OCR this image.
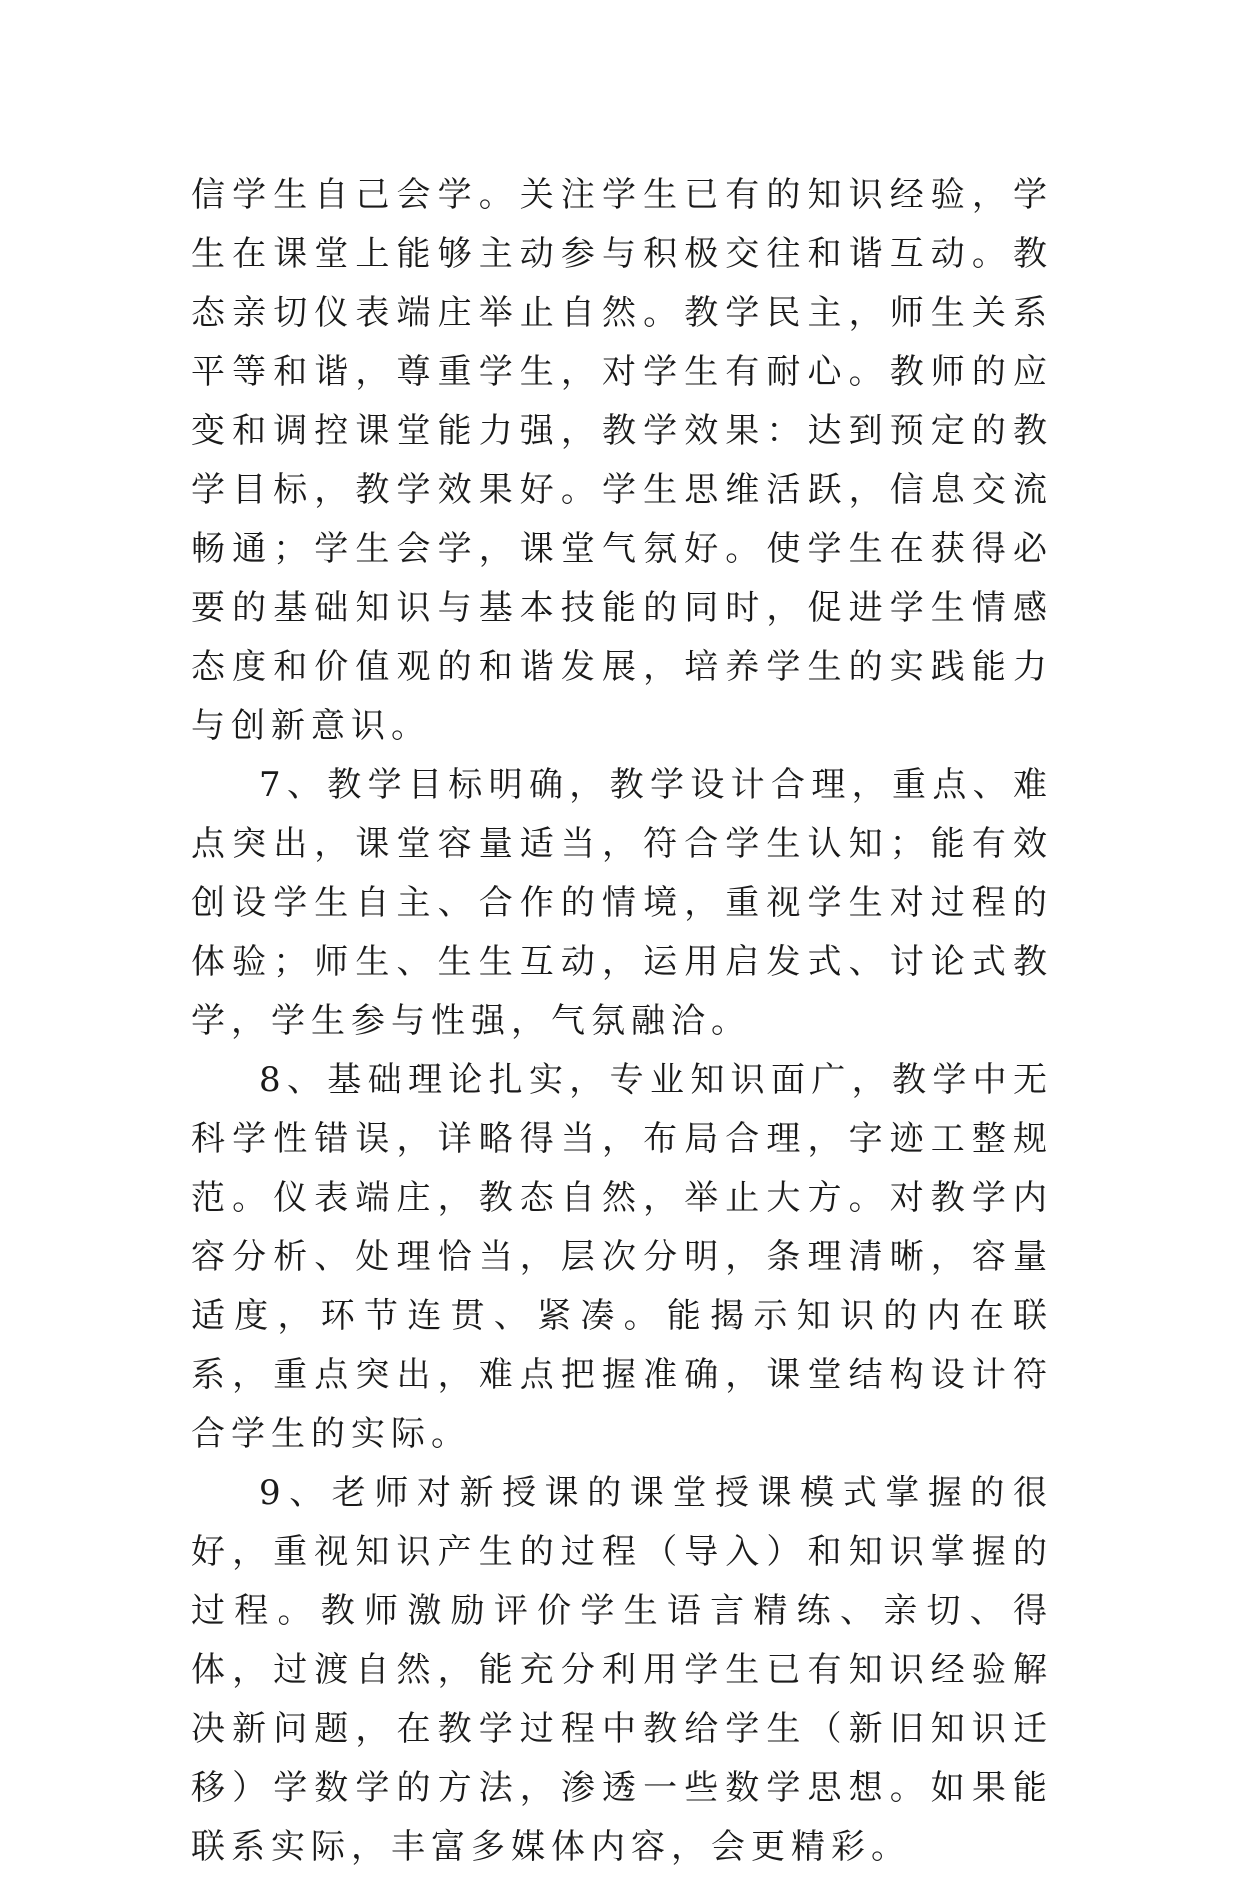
信学生自己会学。关注学生已有的知识经验，学生在课堂上能够主动参与积极交往和谐互动。教态亲切仪表端庄举止自然。教学民主，师生关系平等和谐，尊重学生，对学生有耐心。教师的应变和调控课堂能力强，教学效果：达到预定的教学目标，教学效果好。学生思维活跃，信息交流畅通；学生会学，课堂气氛好。使学生在获得必要的基础知识与基本技能的同时，促进学生情感态度和价值观的和谐发展，培养学生的实践能力与创新意识。

7、教学目标明确，教学设计合理，重点、难点突出，课堂容量适当，符合学生认知；能有效创设学生自主、合作的情境，重视学生对过程的体验；师生、生生互动，运用启发式、讨论式教学，学生参与性强，气氛融洽。

8、基础理论扎实，专业知识面广，教学中无科学性错误，详略得当，布局合理，字迹工整规范。仪表端庄，教态自然，举止大方。对教学内容分析、处理恰当，层次分明，条理清晰，容量适度，环节连贯、紧凑。能揭示知识的内在联系，重点突出，难点把握准确，课堂结构设计符合学生的实际。

9、老师对新授课的课堂授课模式掌握的很好，重视知识产生的过程（导入）和知识掌握的过程。教师激励评价学生语言精练、亲切、得体，过渡自然，能充分利用学生已有知识经验解决新问题，在教学过程中教给学生（新旧知识迁移）学数学的方法，渗透一些数学思想。如果能联系实际，丰富多媒体内容，会更精彩。
